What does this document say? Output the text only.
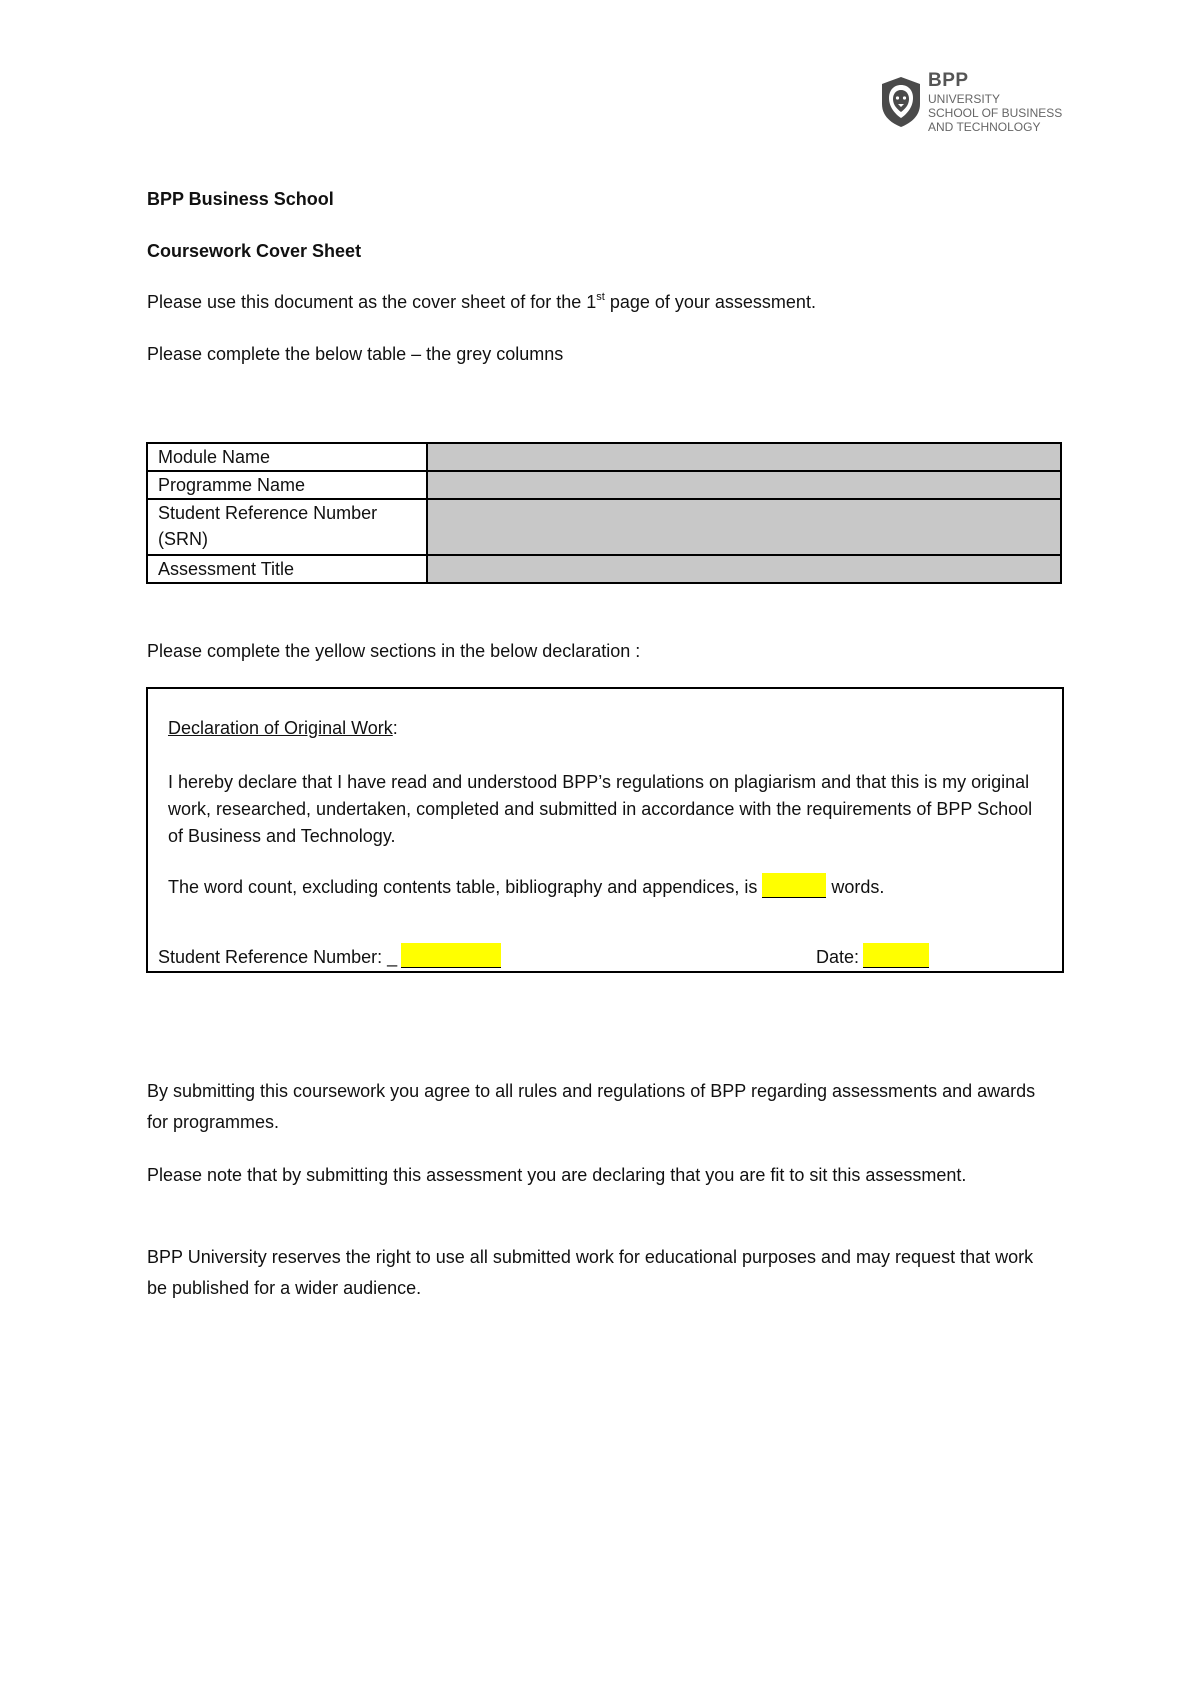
BPP
UNIVERSITY
SCHOOL OF BUSINESS
AND TECHNOLOGY
BPP Business School
Coursework Cover Sheet
Please use this document as the cover sheet of for the 1st page of your assessment.
Please complete the below table – the grey columns
Module Name	
Programme Name	
Student Reference Number (SRN)	
Assessment Title	
Please complete the yellow sections in the below declaration :
Declaration of Original Work:
I hereby declare that I have read and understood BPP’s regulations on plagiarism and that this is my original work, researched, undertaken, completed and submitted in accordance with the requirements of BPP School of Business and Technology.
The word count, excluding contents table, bibliography and appendices, is	words.
Student Reference Number: _	Date:
By submitting this coursework you agree to all rules and regulations of BPP regarding assessments and awards for programmes.
Please note that by submitting this assessment you are declaring that you are fit to sit this assessment.
BPP University reserves the right to use all submitted work for educational purposes and may request that work be published for a wider audience.
